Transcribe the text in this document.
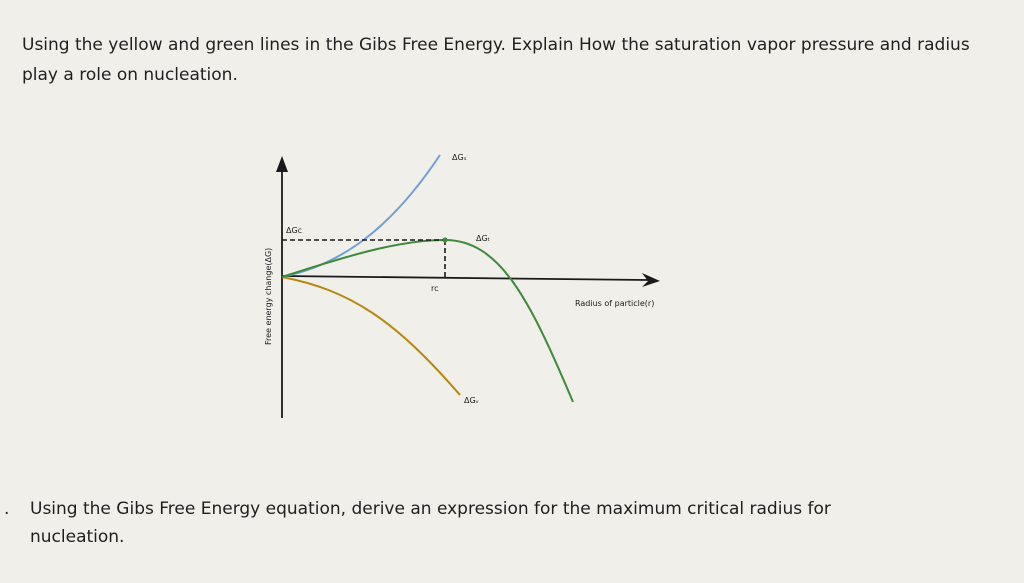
Using the yellow and green lines in the Gibs Free Energy. Explain How the saturation vapor pressure and radius play a role on nucleation.

Free energy change(ΔG)	Radius of particle(r)
ΔGₛ
ΔGc
ΔGₜ
rc
ΔGᵥ
. Using the Gibs Free Energy equation, derive an expression for the maximum critical radius for nucleation.
